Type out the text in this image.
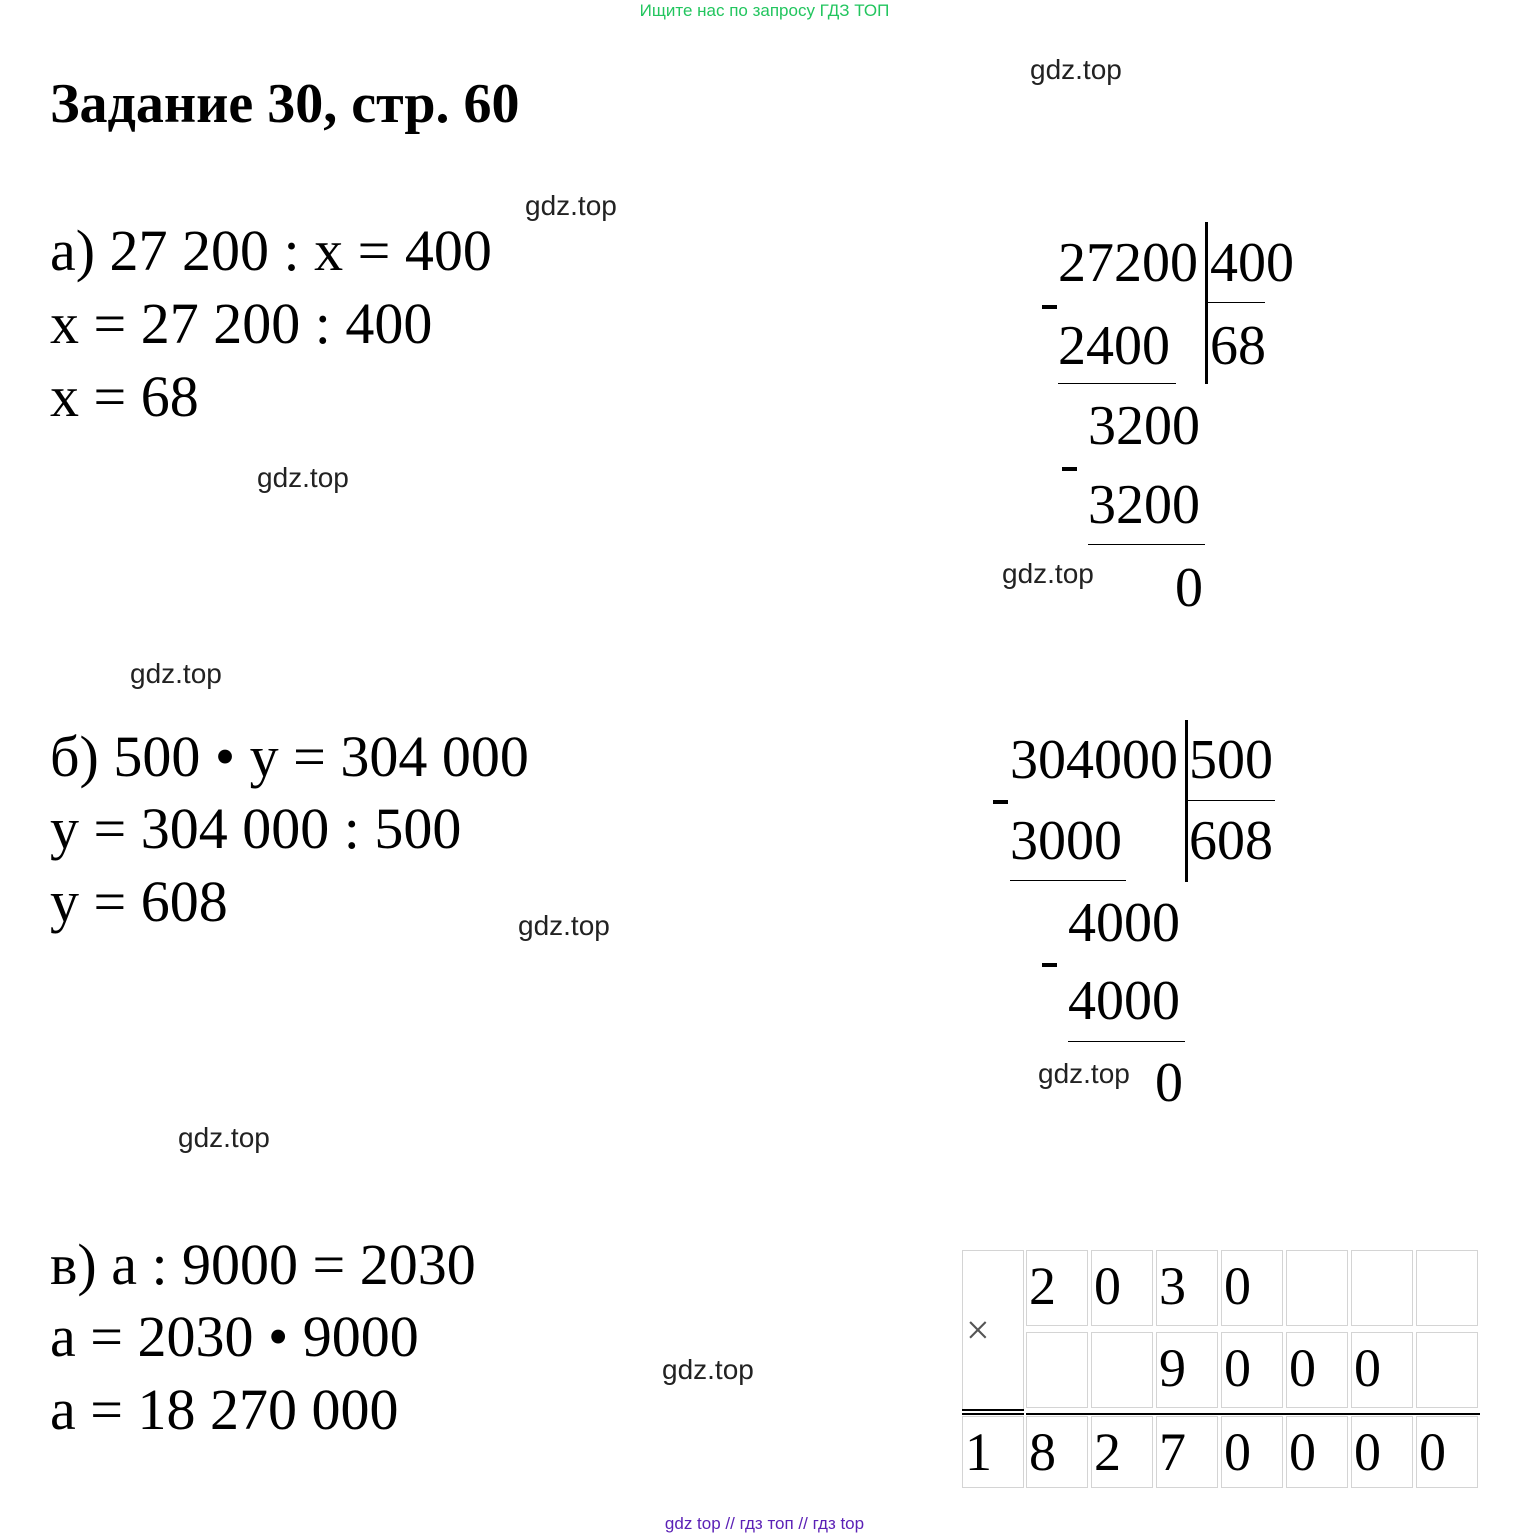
Ищите нас по запросу ГДЗ ТОП
Задание 30, стр. 60
gdz.top
gdz.top
gdz.top
gdz.top
gdz.top
gdz.top
gdz.top
gdz.top
gdz.top
а) 27 200 : x = 400
x = 27 200 : 400
x = 68
27200 400
68
2400
3200
3200
0
б) 500 • y = 304 000
y = 304 000 : 500
y = 608
304000 500
608
3000
4000
4000
0
в) a : 9000 = 2030
a = 2030 • 9000
a = 18 270 000
×
2 0 3 0
9 0 0 0
1 8 2 7 0 0 0 0
gdz top // гдз топ // гдз top
